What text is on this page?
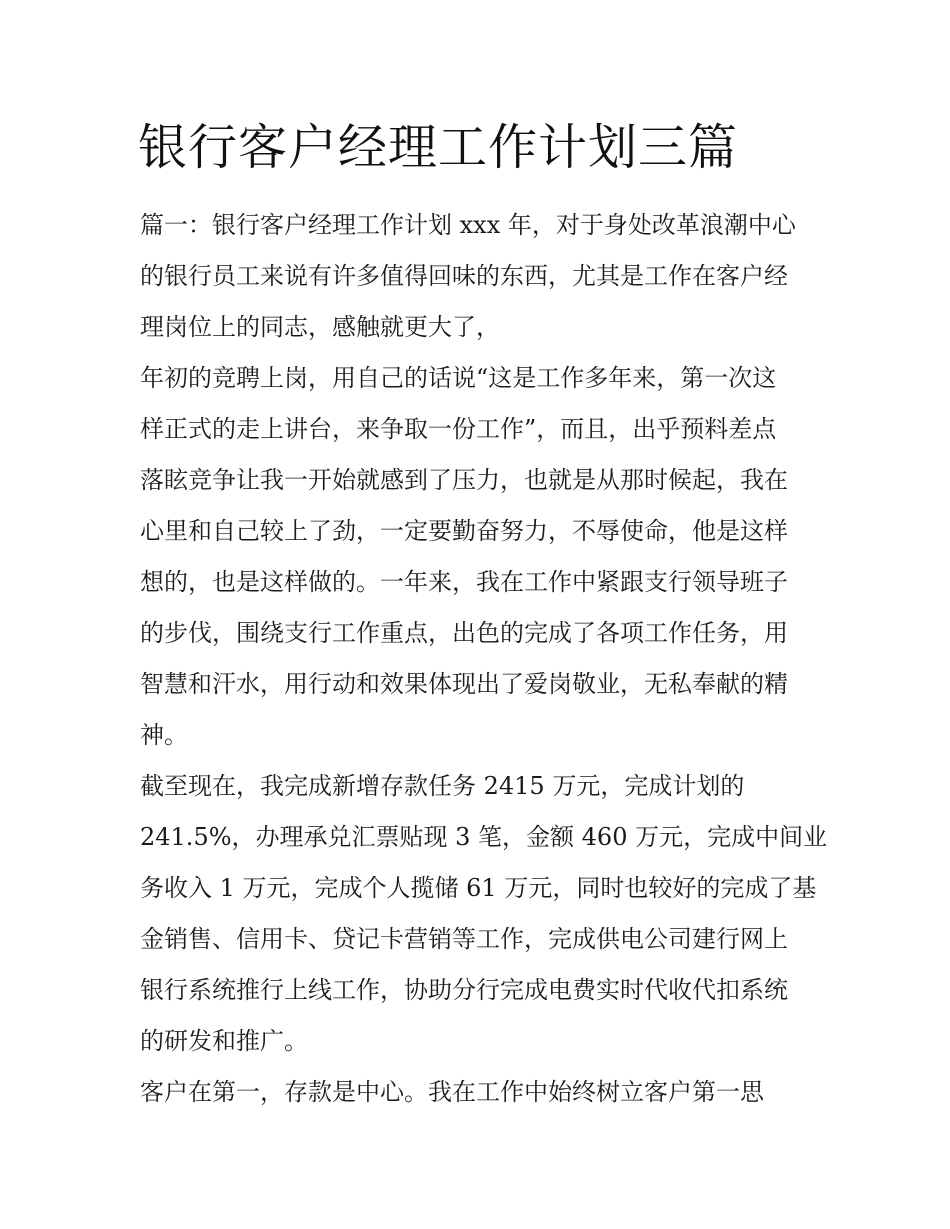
银行客户经理工作计划三篇
篇一：银行客户经理工作计划 xxx 年，对于身处改革浪潮中心
的银行员工来说有许多值得回味的东西，尤其是工作在客户经
理岗位上的同志，感触就更大了，
年初的竞聘上岗，用自己的话说“这是工作多年来，第一次这
样正式的走上讲台，来争取一份工作”，而且，出乎预料差点
落眩竞争让我一开始就感到了压力，也就是从那时候起，我在
心里和自己较上了劲，一定要勤奋努力，不辱使命，他是这样
想的，也是这样做的。一年来，我在工作中紧跟支行领导班子
的步伐，围绕支行工作重点，出色的完成了各项工作任务，用
智慧和汗水，用行动和效果体现出了爱岗敬业，无私奉献的精
神。
截至现在，我完成新增存款任务 2415 万元，完成计划的
241.5%，办理承兑汇票贴现 3 笔，金额 460 万元，完成中间业
务收入 1 万元，完成个人揽储 61 万元，同时也较好的完成了基
金销售、信用卡、贷记卡营销等工作，完成供电公司建行网上
银行系统推行上线工作，协助分行完成电费实时代收代扣系统
的研发和推广。
客户在第一，存款是中心。我在工作中始终树立客户第一思
